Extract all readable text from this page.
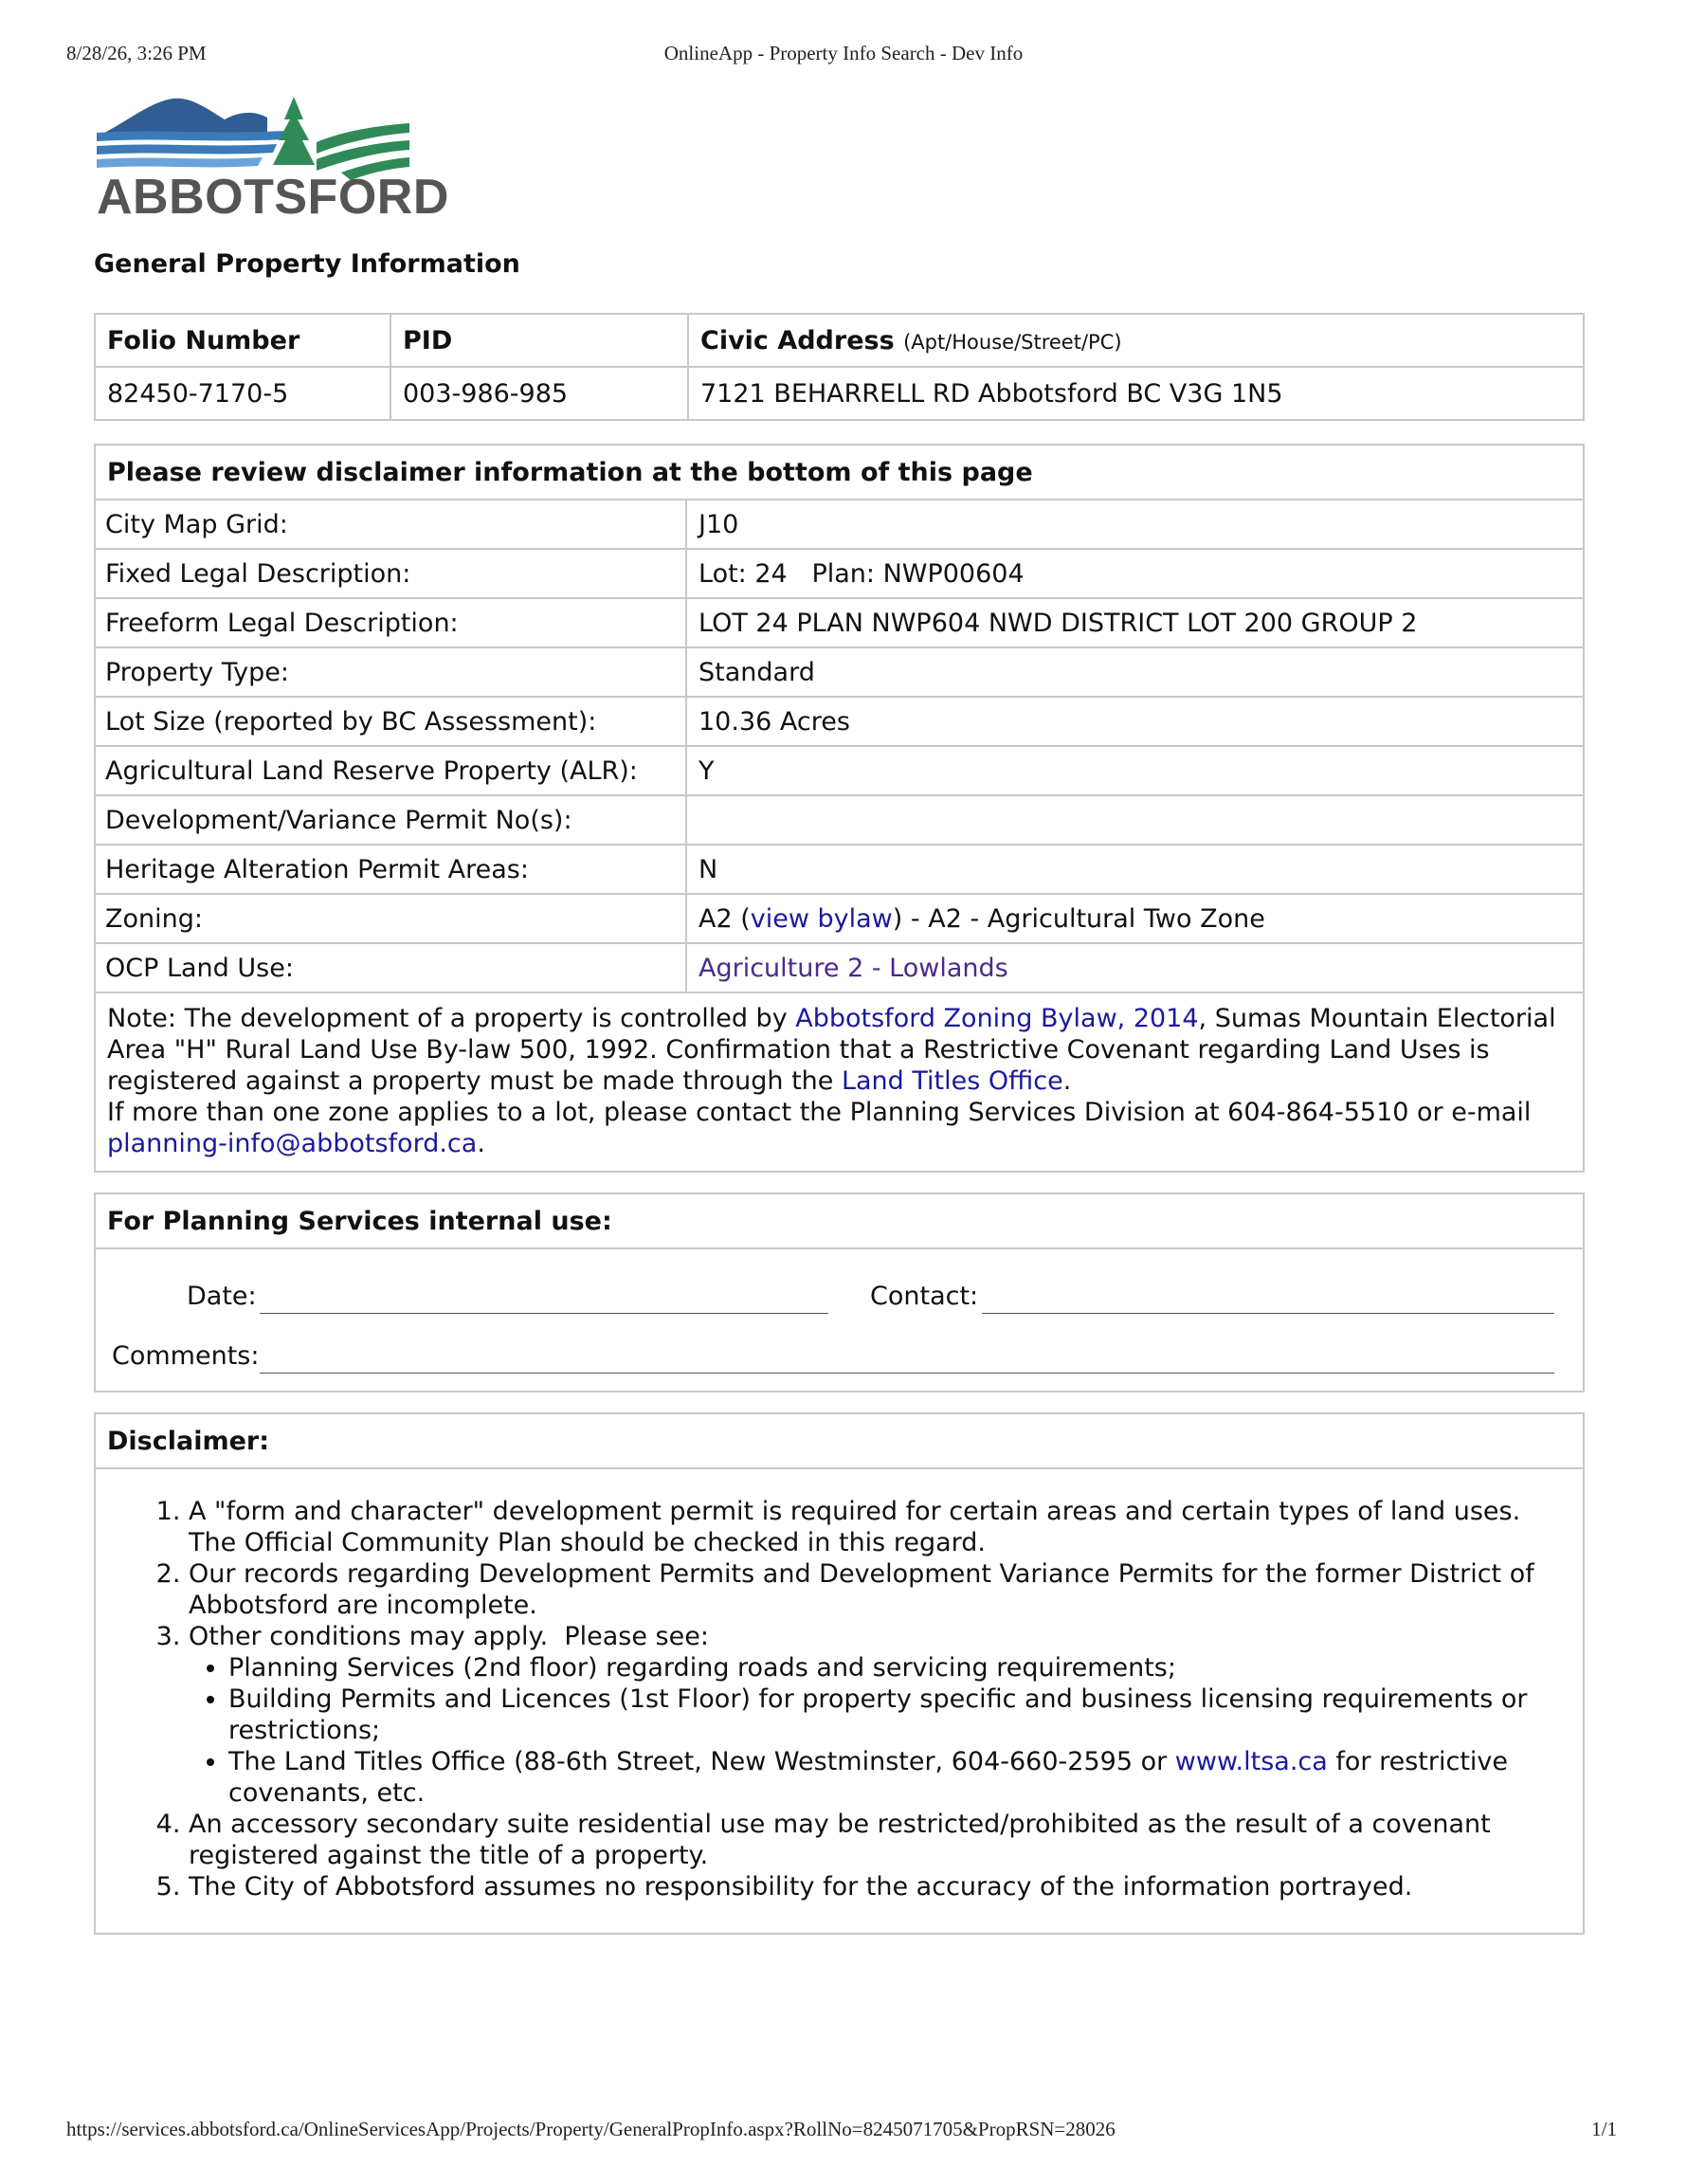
8/28/26, 3:26 PM	OnlineApp - Property Info Search - Dev Info
ABBOTSFORD
General Property Information
Folio Number	PID	Civic Address (Apt/House/Street/PC)
82450-7170-5	003-986-985	7121 BEHARRELL RD Abbotsford BC V3G 1N5
Please review disclaimer information at the bottom of this page	
City Map Grid:	J10
Fixed Legal Description:	Lot: 24   Plan: NWP00604
Freeform Legal Description:	LOT 24 PLAN NWP604 NWD DISTRICT LOT 200 GROUP 2
Property Type:	Standard
Lot Size (reported by BC Assessment):	10.36 Acres
Agricultural Land Reserve Property (ALR):	Y
Development/Variance Permit No(s):	
Heritage Alteration Permit Areas:	N
Zoning:	A2 (view bylaw) - A2 - Agricultural Two Zone
OCP Land Use:	Agriculture 2 - Lowlands
Note: The development of a property is controlled by Abbotsford Zoning Bylaw, 2014, Sumas Mountain Electorial Area "H" Rural Land Use By-law 500, 1992. Confirmation that a Restrictive Covenant regarding Land Uses is registered against a property must be made through the Land Titles Office.
If more than one zone applies to a lot, please contact the Planning Services Division at 604-864-5510 or e-mail planning-info@abbotsford.ca.	
For Planning Services internal use:

Date:	Contact:
Comments:
Disclaimer:

1. A "form and character" development permit is required for certain areas and certain types of land uses. The Official Community Plan should be checked in this regard.
2. Our records regarding Development Permits and Development Variance Permits for the former District of Abbotsford are incomplete.
3. Other conditions may apply.  Please see:
• Planning Services (2nd floor) regarding roads and servicing requirements;
• Building Permits and Licences (1st Floor) for property specific and business licensing requirements or restrictions;
• The Land Titles Office (88-6th Street, New Westminster, 604-660-2595 or www.ltsa.ca for restrictive covenants, etc.
4. An accessory secondary suite residential use may be restricted/prohibited as the result of a covenant registered against the title of a property.
5. The City of Abbotsford assumes no responsibility for the accuracy of the information portrayed.
https://services.abbotsford.ca/OnlineServicesApp/Projects/Property/GeneralPropInfo.aspx?RollNo=8245071705&PropRSN=28026	1/1
